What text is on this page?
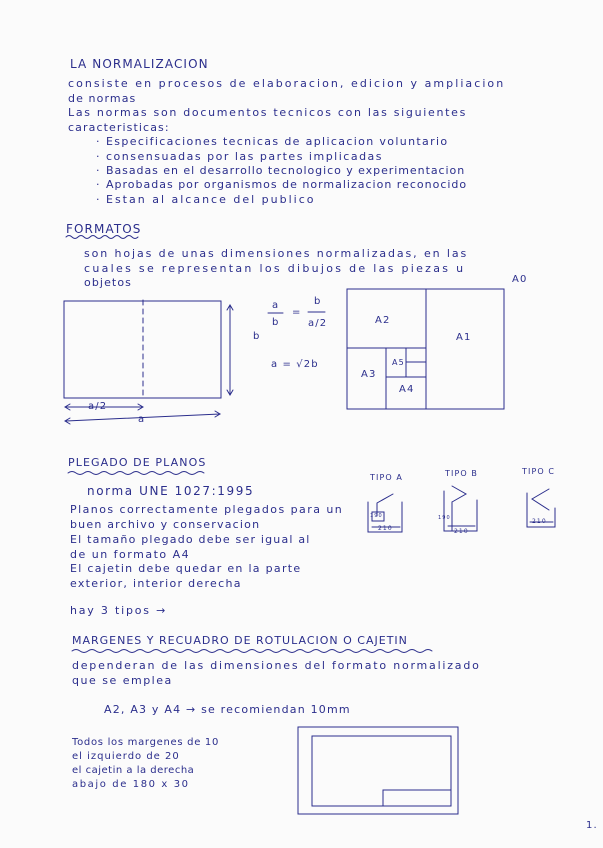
LA NORMALIZACION
consiste en procesos de elaboracion, edicion y ampliacion
de normas
Las normas son documentos tecnicos con las siguientes
caracteristicas:
· Especificaciones tecnicas de aplicacion voluntario
· consensuadas por las partes implicadas
· Basadas en el desarrollo tecnologico y experimentacion
· Aprobadas por organismos de normalizacion reconocido
· Estan al alcance del publico
FORMATOS
son hojas de unas dimensiones normalizadas, en las
cuales se representan los dibujos de las piezas u
objetos
b
a/2
a
a
b
=
b
a/2
a = √2b
A0
A1
A2
A3
A4
A5
PLEGADO DE PLANOS
norma UNE 1027:1995
Planos correctamente plegados para un
buen archivo y conservacion
El tamaño plegado debe ser igual al
de un formato A4
El cajetin debe quedar en la parte
exterior, interior derecha
hay 3 tipos →
TIPO A	TIPO B	TIPO C
210	210
210
190
190
MARGENES Y RECUADRO DE ROTULACION O CAJETIN
dependeran de las dimensiones del formato normalizado
que se emplea
A2, A3 y A4 → se recomiendan 10mm
Todos los margenes de 10
el izquierdo de 20
el cajetin a la derecha
abajo de 180 x 30
1.
